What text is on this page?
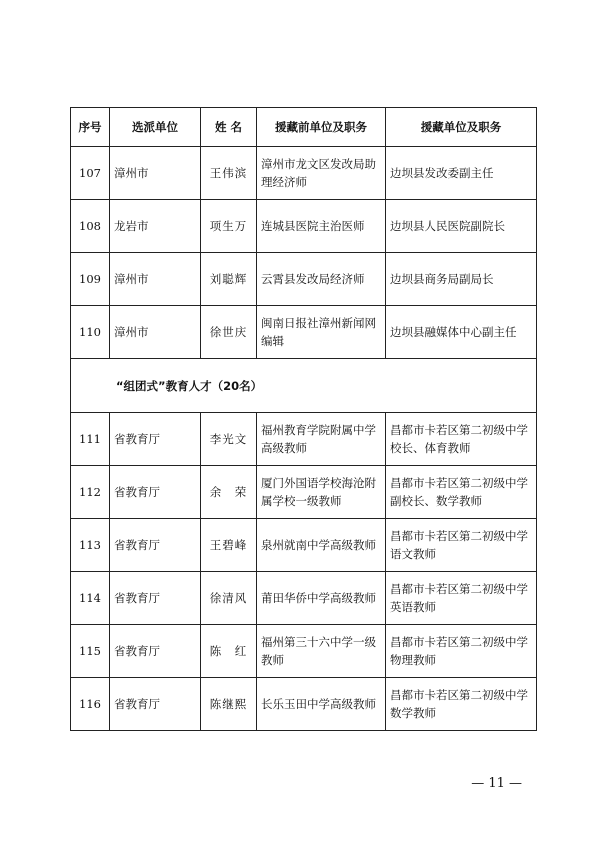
序号	选派单位	姓 名	援藏前单位及职务	援藏单位及职务
107	漳州市	王伟滨	漳州市龙文区发改局助理经济师	边坝县发改委副主任
108	龙岩市	项生万	连城县医院主治医师	边坝县人民医院副院长
109	漳州市	刘聪辉	云霄县发改局经济师	边坝县商务局副局长
110	漳州市	徐世庆	闽南日报社漳州新闻网编辑	边坝县融媒体中心副主任
“组团式”教育人才（20名）				
111	省教育厅	李光文	福州教育学院附属中学高级教师	昌都市卡若区第二初级中学校长、体育教师
112	省教育厅	余　荣	厦门外国语学校海沧附属学校一级教师	昌都市卡若区第二初级中学副校长、数学教师
113	省教育厅	王碧峰	泉州就南中学高级教师	昌都市卡若区第二初级中学语文教师
114	省教育厅	徐清风	莆田华侨中学高级教师	昌都市卡若区第二初级中学英语教师
115	省教育厅	陈　红	福州第三十六中学一级教师	昌都市卡若区第二初级中学物理教师
116	省教育厅	陈继熙	长乐玉田中学高级教师	昌都市卡若区第二初级中学数学教师
— 11 —
